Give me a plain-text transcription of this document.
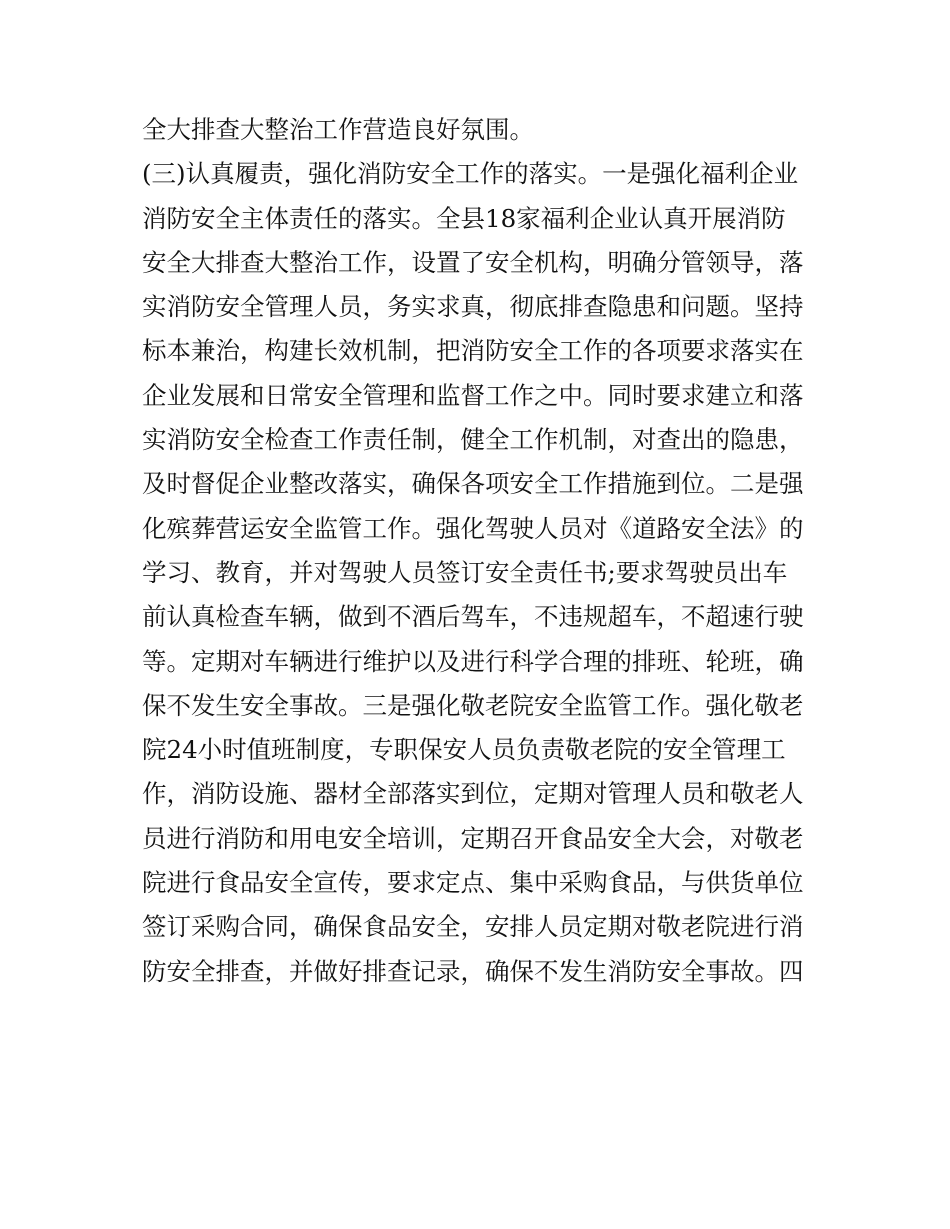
全大排查大整治工作营造良好氛围。
(三)认真履责，强化消防安全工作的落实。一是强化福利企业
消防安全主体责任的落实。全县18家福利企业认真开展消防
安全大排查大整治工作，设置了安全机构，明确分管领导，落
实消防安全管理人员，务实求真，彻底排查隐患和问题。坚持
标本兼治，构建长效机制，把消防安全工作的各项要求落实在
企业发展和日常安全管理和监督工作之中。同时要求建立和落
实消防安全检查工作责任制，健全工作机制，对查出的隐患，
及时督促企业整改落实，确保各项安全工作措施到位。二是强
化殡葬营运安全监管工作。强化驾驶人员对《道路安全法》的
学习、教育，并对驾驶人员签订安全责任书;要求驾驶员出车
前认真检查车辆，做到不酒后驾车，不违规超车，不超速行驶
等。定期对车辆进行维护以及进行科学合理的排班、轮班，确
保不发生安全事故。三是强化敬老院安全监管工作。强化敬老
院24小时值班制度，专职保安人员负责敬老院的安全管理工
作，消防设施、器材全部落实到位，定期对管理人员和敬老人
员进行消防和用电安全培训，定期召开食品安全大会，对敬老
院进行食品安全宣传，要求定点、集中采购食品，与供货单位
签订采购合同，确保食品安全，安排人员定期对敬老院进行消
防安全排查，并做好排查记录，确保不发生消防安全事故。四
